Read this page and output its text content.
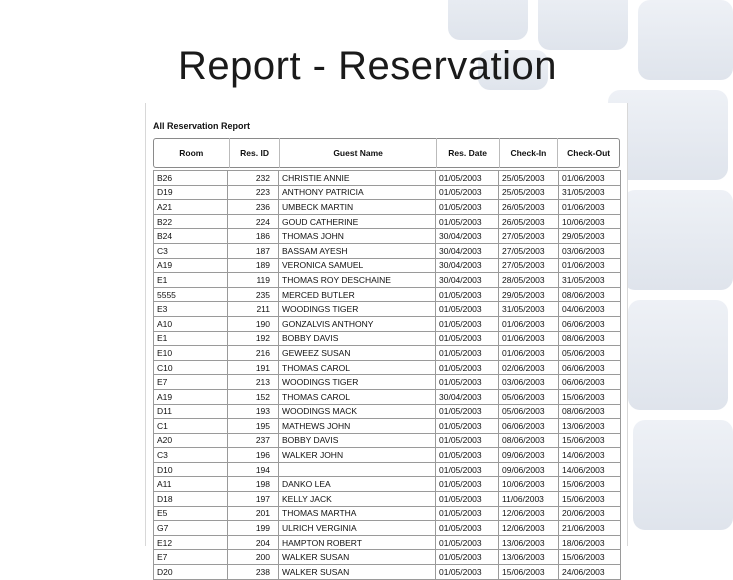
Report - Reservation
All Reservation Report
Room	Res. ID	Guest Name	Res. Date	Check-In	Check-Out
B26	232	CHRISTIE ANNIE	01/05/2003	25/05/2003	01/06/2003
D19	223	ANTHONY PATRICIA	01/05/2003	25/05/2003	31/05/2003
A21	236	UMBECK MARTIN	01/05/2003	26/05/2003	01/06/2003
B22	224	GOUD CATHERINE	01/05/2003	26/05/2003	10/06/2003
B24	186	THOMAS JOHN	30/04/2003	27/05/2003	29/05/2003
C3	187	BASSAM AYESH	30/04/2003	27/05/2003	03/06/2003
A19	189	VERONICA SAMUEL	30/04/2003	27/05/2003	01/06/2003
E1	119	THOMAS ROY DESCHAINE	30/04/2003	28/05/2003	31/05/2003
5555	235	MERCED BUTLER	01/05/2003	29/05/2003	08/06/2003
E3	211	WOODINGS TIGER	01/05/2003	31/05/2003	04/06/2003
A10	190	GONZALVIS ANTHONY	01/05/2003	01/06/2003	06/06/2003
E1	192	BOBBY DAVIS	01/05/2003	01/06/2003	08/06/2003
E10	216	GEWEEZ SUSAN	01/05/2003	01/06/2003	05/06/2003
C10	191	THOMAS CAROL	01/05/2003	02/06/2003	06/06/2003
E7	213	WOODINGS TIGER	01/05/2003	03/06/2003	06/06/2003
A19	152	THOMAS CAROL	30/04/2003	05/06/2003	15/06/2003
D11	193	WOODINGS MACK	01/05/2003	05/06/2003	08/06/2003
C1	195	MATHEWS JOHN	01/05/2003	06/06/2003	13/06/2003
A20	237	BOBBY DAVIS	01/05/2003	08/06/2003	15/06/2003
C3	196	WALKER JOHN	01/05/2003	09/06/2003	14/06/2003
D10	194		01/05/2003	09/06/2003	14/06/2003
A11	198	DANKO LEA	01/05/2003	10/06/2003	15/06/2003
D18	197	KELLY JACK	01/05/2003	11/06/2003	15/06/2003
E5	201	THOMAS MARTHA	01/05/2003	12/06/2003	20/06/2003
G7	199	ULRICH VERGINIA	01/05/2003	12/06/2003	21/06/2003
E12	204	HAMPTON ROBERT	01/05/2003	13/06/2003	18/06/2003
E7	200	WALKER SUSAN	01/05/2003	13/06/2003	15/06/2003
D20	238	WALKER SUSAN	01/05/2003	15/06/2003	24/06/2003
